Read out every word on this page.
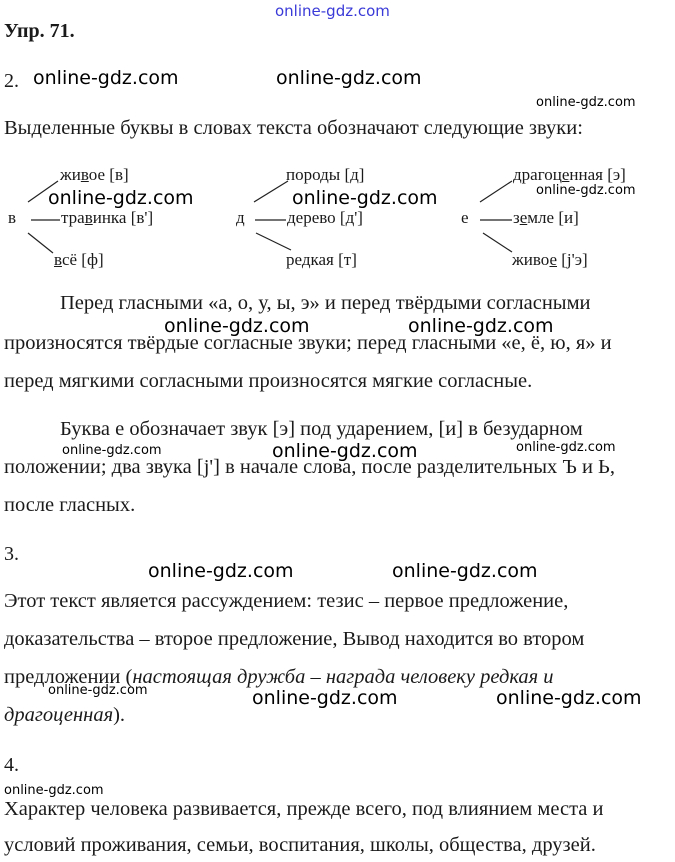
online-gdz.com
Упр. 71.
2. online-gdz.com	online-gdz.com
online-gdz.com
Выделенные буквы в словах текста обозначают следующие звуки:
в
живое [в]
травинка [в']
всё [ф]
д
породы [д]
дерево [д']
редкая [т]
е
драгоценная [э]
земле [и]
живое [j'э]
online-gdz.com	online-gdz.com	online-gdz.com
Перед гласными «а, о, у, ы, э» и перед твёрдыми согласными
online-gdz.com	online-gdz.com
произносятся твёрдые согласные звуки; перед гласными «е, ё, ю, я» и
перед мягкими согласными произносятся мягкие согласные.
Буква е обозначает звук [э] под ударением, [и] в безударном
online-gdz.com	online-gdz.com	online-gdz.com
положении; два звука [j'] в начале слова, после разделительных Ъ и Ь,
после гласных.
3.
online-gdz.com	online-gdz.com
Этот текст является рассуждением: тезис – первое предложение,
доказательства – второе предложение, Вывод находится во втором
предложении (настоящая дружба – награда человеку редкая и
online-gdz.com	online-gdz.com	online-gdz.com
драгоценная).
4.
online-gdz.com
Характер человека развивается, прежде всего, под влиянием места и
условий проживания, семьи, воспитания, школы, общества, друзей.
